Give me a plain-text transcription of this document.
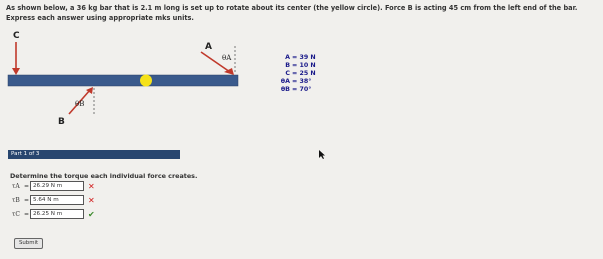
As shown below, a 36 kg bar that is 2.1 m long is set up to rotate about its center (the yellow circle). Force B is acting 45 cm from the left end of the bar. Express each answer using appropriate mks units.
C
A
θA
B
θB
A = 39 N
B = 10 N
C = 25 N
θA = 38°
θB = 70°
Part 1 of 3
Determine the torque each individual force creates.
τA = 26.29 N m	✕
τB = 5.64 N m	✕
τC = 26.25 N m	✔
Submit
